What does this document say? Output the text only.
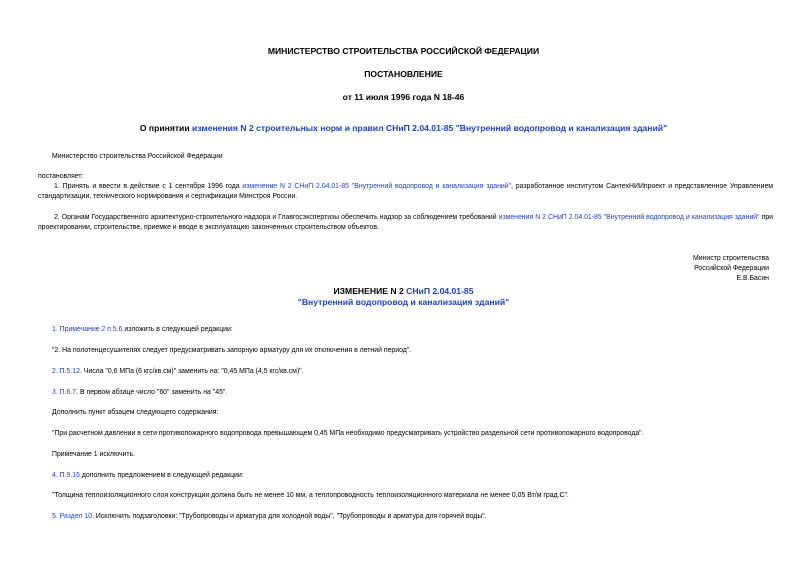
МИНИСТЕРСТВО СТРОИТЕЛЬСТВА РОССИЙСКОЙ ФЕДЕРАЦИИ
ПОСТАНОВЛЕНИЕ
от 11 июля 1996 года N 18-46
О принятии изменения N 2 строительных норм и правил СНиП 2.04.01-85 "Внутренний водопровод и канализация зданий"
Министерство строительства Российской Федерации
постановляет:
1. Принять и ввести в действие с 1 сентября 1996 года изменение N 2 СНиП 2.04.01-85 "Внутренний водопровод и канализация зданий", разработанное институтом СантехНИИпроект и представленное Управлением стандартизации, технического нормирования и сертификации Минстроя России.
2. Органам Государственного архитектурно-строительного надзора и Главгосэкспертизы обеспечить надзор за соблюдением требований изменения N 2 СНиП 2.04.01-85 "Внутренний водопровод и канализация зданий" при проектировании, строительстве, приемке и вводе в эксплуатацию законченных строительством объектов.
Министр строительства
Российской Федерации
Е.В.Басин
ИЗМЕНЕНИЕ N 2 СНиП 2.04.01-85
"Внутренний водопровод и канализация зданий"
1. Примечание 2 п.5.6 изложить в следующей редакции:
"2. На полотенцесушителях следует предусматривать запорную арматуру для их отключения в летний период".
2. П.5.12. Числа "0,6 МПа (6 кгс/кв.см)" заменить на: "0,45 МПа (4,5 кгс/кв.см)".
3. П.6.7. В первом абзаце число "60" заменить на "45".
Дополнить пункт абзацем следующего содержания:
"При расчетном давлении в сети противопожарного водопровода превышающем 0,45 МПа необходимо предусматривать устройство раздельной сети противопожарного водопровода".
Примечание 1 исключить.
4. П.9.16 дополнить предложением в следующей редакции:
"Толщина теплоизоляционного слоя конструкции должна быть не менее 10 мм, а теплопроводность теплоизоляционного материала не менее 0,05 Вт/м град.С".
5. Раздел 10. Исключить подзаголовки: "Трубопроводы и арматура для холодной воды", "Трубопроводы и арматура для горячей воды".
